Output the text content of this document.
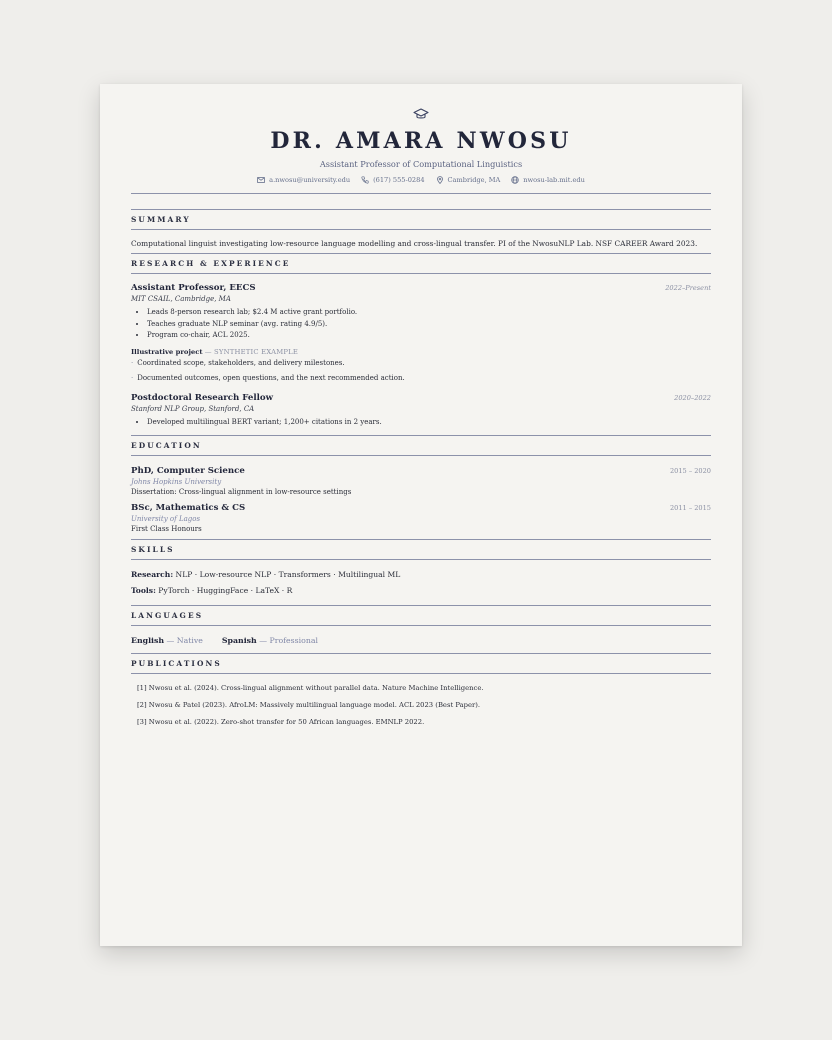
DR. AMARA NWOSU
Assistant Professor of Computational Linguistics
a.nwosu@university.edu	(617) 555-0284	Cambridge, MA	nwosu-lab.mit.edu
SUMMARY
Computational linguist investigating low-resource language modelling and cross-lingual transfer. PI of the NwosuNLP Lab. NSF CAREER Award 2023.
RESEARCH & EXPERIENCE
Assistant Professor, EECS	2022–Present
MIT CSAIL, Cambridge, MA
• Leads 8-person research lab; $2.4 M active grant portfolio.
• Teaches graduate NLP seminar (avg. rating 4.9/5).
• Program co-chair, ACL 2025.
Illustrative project — SYNTHETIC EXAMPLE
· Coordinated scope, stakeholders, and delivery milestones.
· Documented outcomes, open questions, and the next recommended action.
Postdoctoral Research Fellow	2020–2022
Stanford NLP Group, Stanford, CA
• Developed multilingual BERT variant; 1,200+ citations in 2 years.
EDUCATION
PhD, Computer Science	2015 – 2020
Johns Hopkins University
Dissertation: Cross-lingual alignment in low-resource settings
BSc, Mathematics & CS	2011 – 2015
University of Lagos
First Class Honours
SKILLS
Research: NLP · Low-resource NLP · Transformers · Multilingual ML
Tools: PyTorch · HuggingFace · LaTeX · R
LANGUAGES
English — Native Spanish — Professional
PUBLICATIONS
[1] Nwosu et al. (2024). Cross-lingual alignment without parallel data. Nature Machine Intelligence.
[2] Nwosu & Patel (2023). AfroLM: Massively multilingual language model. ACL 2023 (Best Paper).
[3] Nwosu et al. (2022). Zero-shot transfer for 50 African languages. EMNLP 2022.
